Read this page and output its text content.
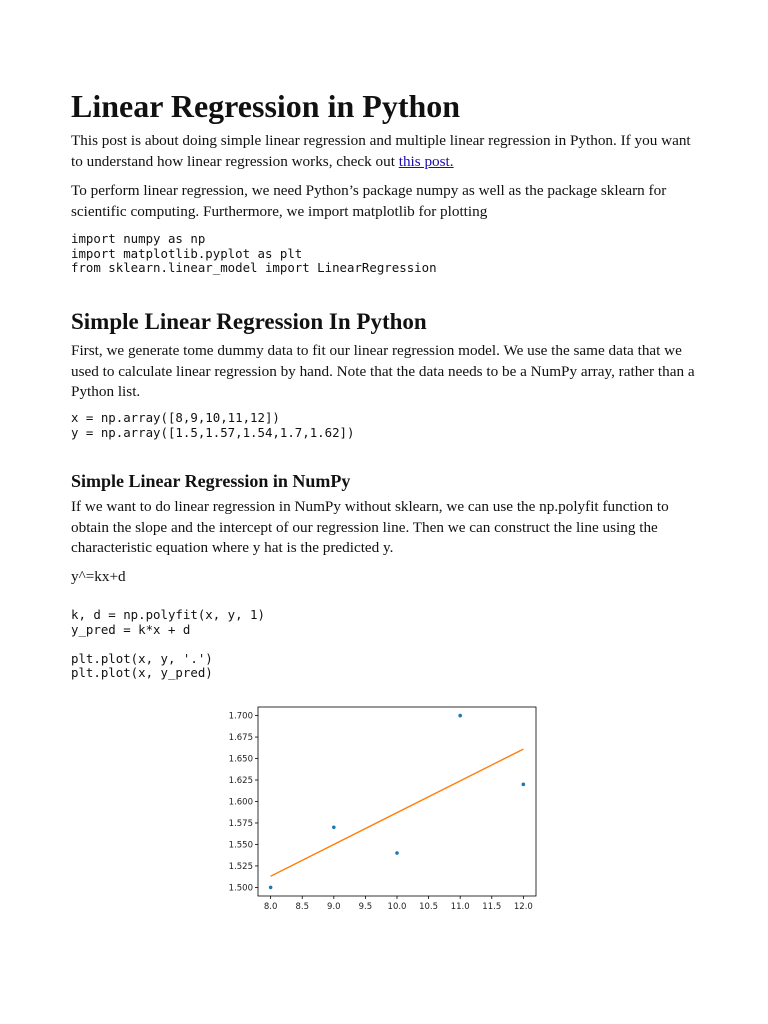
Linear Regression in Python

This post is about doing simple linear regression and multiple linear regression in Python. If you want to understand how linear regression works, check out this post.

To perform linear regression, we need Python’s package numpy as well as the package sklearn for scientific computing. Furthermore, we import matplotlib for plotting

import numpy as np
import matplotlib.pyplot as plt
from sklearn.linear_model import LinearRegression
Simple Linear Regression In Python

First, we generate tome dummy data to fit our linear regression model. We use the same data that we used to calculate linear regression by hand. Note that the data needs to be a NumPy array, rather than a Python list.

x = np.array([8,9,10,11,12])
y = np.array([1.5,1.57,1.54,1.7,1.62])
Simple Linear Regression in NumPy

If we want to do linear regression in NumPy without sklearn, we can use the np.polyfit function to obtain the slope and the intercept of our regression line. Then we can construct the line using the characteristic equation where y hat is the predicted y.

y^=kx+d

k, d = np.polyfit(x, y, 1)
y_pred = k*x + d

plt.plot(x, y, '.')
plt.plot(x, y_pred)
8.0 8.5 9.0 9.5 10.0 10.5 11.0 11.5 12.0
1.500
1.525
1.550
1.575
1.600
1.625
1.650
1.675
1.700
